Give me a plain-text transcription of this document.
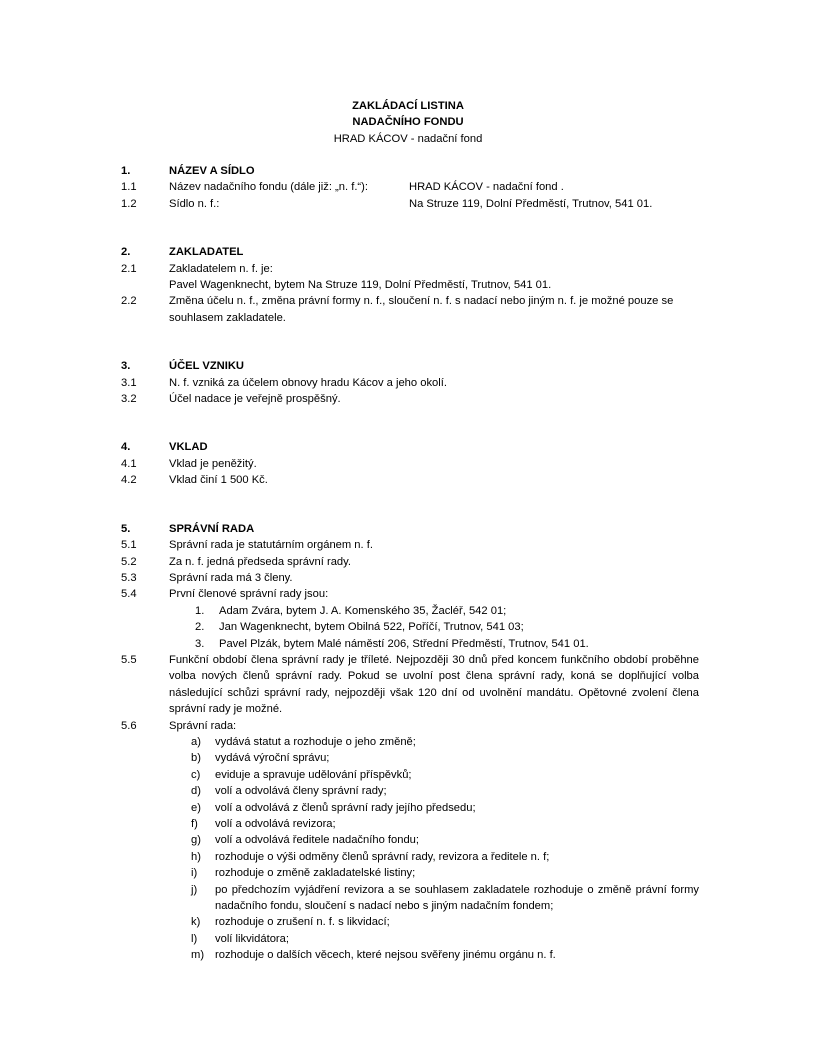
ZAKLÁDACÍ LISTINA
NADAČNÍHO FONDU
HRAD KÁCOV - nadační fond
1.	NÁZEV A SÍDLO
1.1	Název nadačního fondu (dále již: „n. f.“):	HRAD KÁCOV - nadační fond .
1.2	Sídlo n. f.:	Na Struze 119, Dolní Předměstí, Trutnov, 541 01.
2.	ZAKLADATEL
2.1	Zakladatelem n. f. je:
Pavel Wagenknecht, bytem Na Struze 119, Dolní Předměstí, Trutnov, 541 01.
2.2	Změna účelu n. f., změna právní formy n. f., sloučení n. f. s nadací nebo jiným n. f. je možné pouze se souhlasem zakladatele.
3.	ÚČEL VZNIKU
3.1	N. f. vzniká za účelem obnovy hradu Kácov a jeho okolí.
3.2	Účel nadace je veřejně prospěšný.
4.	VKLAD
4.1	Vklad je peněžitý.
4.2	Vklad činí 1 500 Kč.
5.	SPRÁVNÍ RADA
5.1	Správní rada je statutárním orgánem n. f.
5.2	Za n. f. jedná předseda správní rady.
5.3	Správní rada má 3 členy.
5.4	První členové správní rady jsou:
1.	Adam Zvára, bytem J. A. Komenského 35, Žacléř, 542 01;
2.	Jan Wagenknecht, bytem Obilná 522, Poříčí, Trutnov, 541 03;
3.	Pavel Plzák, bytem Malé náměstí 206, Střední Předměstí, Trutnov, 541 01.
5.5	Funkční období člena správní rady je tříleté. Nejpozději 30 dnů před koncem funkčního období proběhne volba nových členů správní rady. Pokud se uvolní post člena správní rady, koná se doplňující volba následující schůzi správní rady, nejpozději však 120 dní od uvolnění mandátu. Opětovné zvolení člena správní rady je možné.
5.6	Správní rada:
a)	vydává statut a rozhoduje o jeho změně;
b)	vydává výroční správu;
c)	eviduje a spravuje udělování příspěvků;
d)	volí a odvolává členy správní rady;
e)	volí a odvolává z členů správní rady jejího předsedu;
f)	volí a odvolává revizora;
g)	volí a odvolává ředitele nadačního fondu;
h)	rozhoduje o výši odměny členů správní rady, revizora a ředitele n. f;
i)	rozhoduje o změně zakladatelské listiny;
j)	po předchozím vyjádření revizora a se souhlasem zakladatele rozhoduje o změně právní formy nadačního fondu, sloučení s nadací nebo s jiným nadačním fondem;
k)	rozhoduje o zrušení n. f. s likvidací;
l)	volí likvidátora;
m) rozhoduje o dalších věcech, které nejsou svěřeny jinému orgánu n. f.
